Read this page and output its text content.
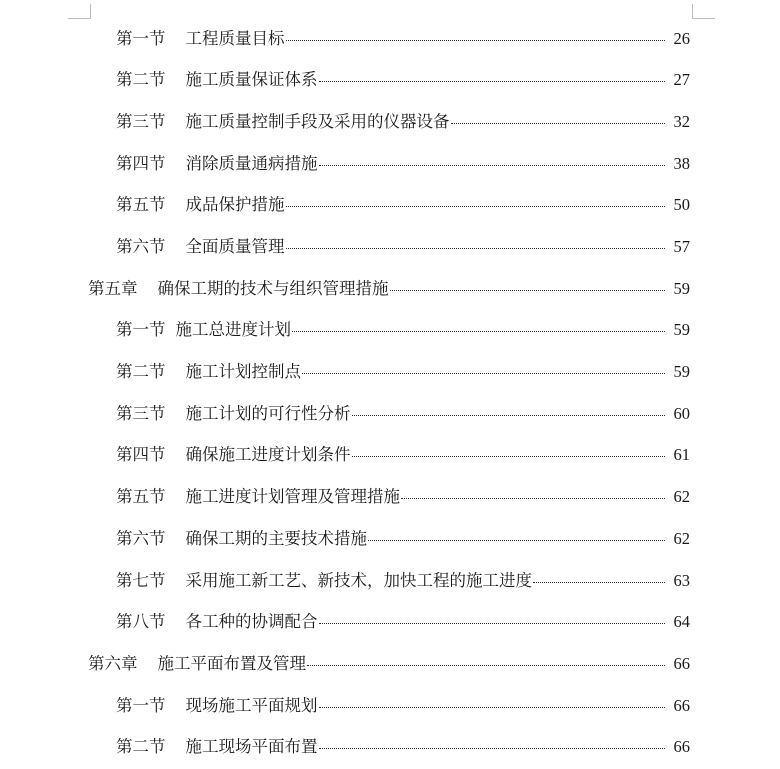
第一节 工程质量目标	26
第二节 施工质量保证体系	27
第三节 施工质量控制手段及采用的仪器设备	32
第四节 消除质量通病措施	38
第五节 成品保护措施	50
第六节 全面质量管理	57
第五章 确保工期的技术与组织管理措施	59
第一节 施工总进度计划	59
第二节 施工计划控制点	59
第三节 施工计划的可行性分析	60
第四节 确保施工进度计划条件	61
第五节 施工进度计划管理及管理措施	62
第六节 确保工期的主要技术措施	62
第七节 采用施工新工艺、新技术，加快工程的施工进度	63
第八节 各工种的协调配合	64
第六章 施工平面布置及管理	66
第一节 现场施工平面规划	66
第二节 施工现场平面布置	66
